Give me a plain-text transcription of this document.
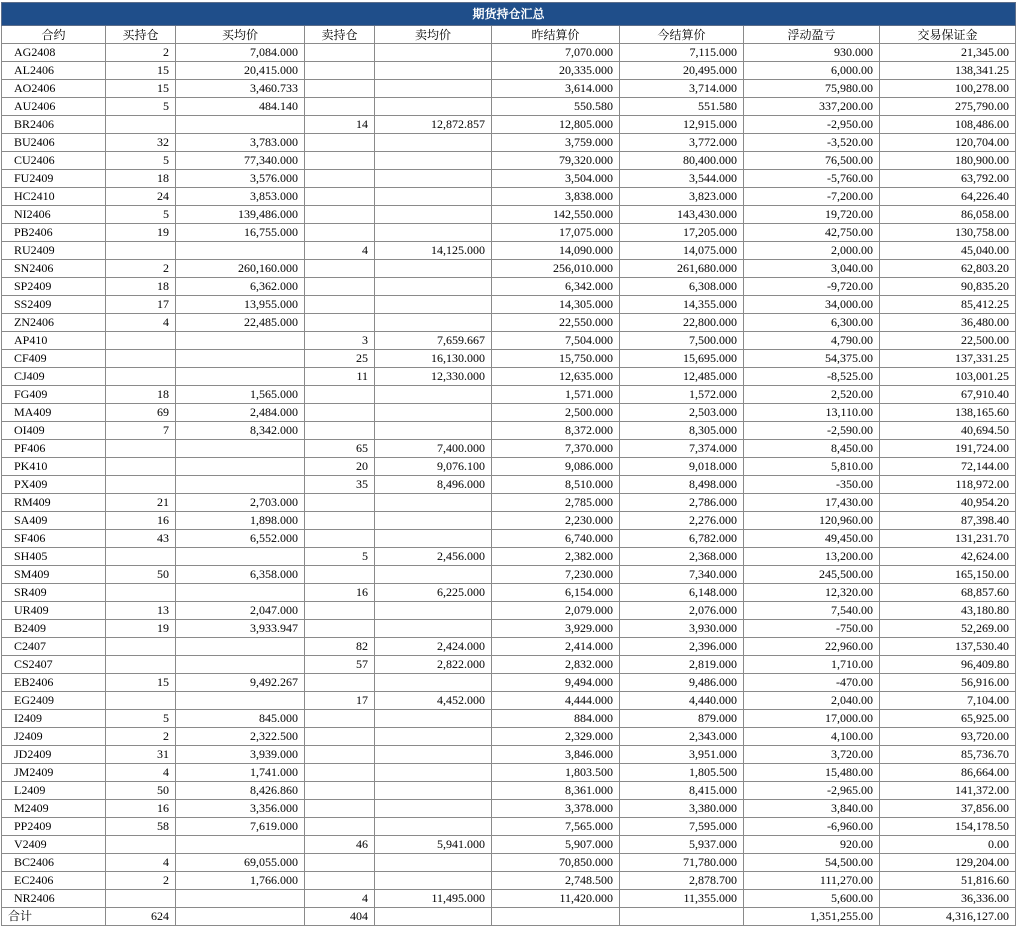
期货持仓汇总								
合约	买持仓	买均价	卖持仓	卖均价	昨结算价	今结算价	浮动盈亏	交易保证金
AG2408	2	7,084.000			7,070.000	7,115.000	930.000	21,345.00
AL2406	15	20,415.000			20,335.000	20,495.000	6,000.00	138,341.25
AO2406	15	3,460.733			3,614.000	3,714.000	75,980.00	100,278.00
AU2406	5	484.140			550.580	551.580	337,200.00	275,790.00
BR2406			14	12,872.857	12,805.000	12,915.000	-2,950.00	108,486.00
BU2406	32	3,783.000			3,759.000	3,772.000	-3,520.00	120,704.00
CU2406	5	77,340.000			79,320.000	80,400.000	76,500.00	180,900.00
FU2409	18	3,576.000			3,504.000	3,544.000	-5,760.00	63,792.00
HC2410	24	3,853.000			3,838.000	3,823.000	-7,200.00	64,226.40
NI2406	5	139,486.000			142,550.000	143,430.000	19,720.00	86,058.00
PB2406	19	16,755.000			17,075.000	17,205.000	42,750.00	130,758.00
RU2409			4	14,125.000	14,090.000	14,075.000	2,000.00	45,040.00
SN2406	2	260,160.000			256,010.000	261,680.000	3,040.00	62,803.20
SP2409	18	6,362.000			6,342.000	6,308.000	-9,720.00	90,835.20
SS2409	17	13,955.000			14,305.000	14,355.000	34,000.00	85,412.25
ZN2406	4	22,485.000			22,550.000	22,800.000	6,300.00	36,480.00
AP410			3	7,659.667	7,504.000	7,500.000	4,790.00	22,500.00
CF409			25	16,130.000	15,750.000	15,695.000	54,375.00	137,331.25
CJ409			11	12,330.000	12,635.000	12,485.000	-8,525.00	103,001.25
FG409	18	1,565.000			1,571.000	1,572.000	2,520.00	67,910.40
MA409	69	2,484.000			2,500.000	2,503.000	13,110.00	138,165.60
OI409	7	8,342.000			8,372.000	8,305.000	-2,590.00	40,694.50
PF406			65	7,400.000	7,370.000	7,374.000	8,450.00	191,724.00
PK410			20	9,076.100	9,086.000	9,018.000	5,810.00	72,144.00
PX409			35	8,496.000	8,510.000	8,498.000	-350.00	118,972.00
RM409	21	2,703.000			2,785.000	2,786.000	17,430.00	40,954.20
SA409	16	1,898.000			2,230.000	2,276.000	120,960.00	87,398.40
SF406	43	6,552.000			6,740.000	6,782.000	49,450.00	131,231.70
SH405			5	2,456.000	2,382.000	2,368.000	13,200.00	42,624.00
SM409	50	6,358.000			7,230.000	7,340.000	245,500.00	165,150.00
SR409			16	6,225.000	6,154.000	6,148.000	12,320.00	68,857.60
UR409	13	2,047.000			2,079.000	2,076.000	7,540.00	43,180.80
B2409	19	3,933.947			3,929.000	3,930.000	-750.00	52,269.00
C2407			82	2,424.000	2,414.000	2,396.000	22,960.00	137,530.40
CS2407			57	2,822.000	2,832.000	2,819.000	1,710.00	96,409.80
EB2406	15	9,492.267			9,494.000	9,486.000	-470.00	56,916.00
EG2409			17	4,452.000	4,444.000	4,440.000	2,040.00	7,104.00
I2409	5	845.000			884.000	879.000	17,000.00	65,925.00
J2409	2	2,322.500			2,329.000	2,343.000	4,100.00	93,720.00
JD2409	31	3,939.000			3,846.000	3,951.000	3,720.00	85,736.70
JM2409	4	1,741.000			1,803.500	1,805.500	15,480.00	86,664.00
L2409	50	8,426.860			8,361.000	8,415.000	-2,965.00	141,372.00
M2409	16	3,356.000			3,378.000	3,380.000	3,840.00	37,856.00
PP2409	58	7,619.000			7,565.000	7,595.000	-6,960.00	154,178.50
V2409			46	5,941.000	5,907.000	5,937.000	920.00	0.00
BC2406	4	69,055.000			70,850.000	71,780.000	54,500.00	129,204.00
EC2406	2	1,766.000			2,748.500	2,878.700	111,270.00	51,816.60
NR2406			4	11,495.000	11,420.000	11,355.000	5,600.00	36,336.00
合计	624		404				1,351,255.00	4,316,127.00
